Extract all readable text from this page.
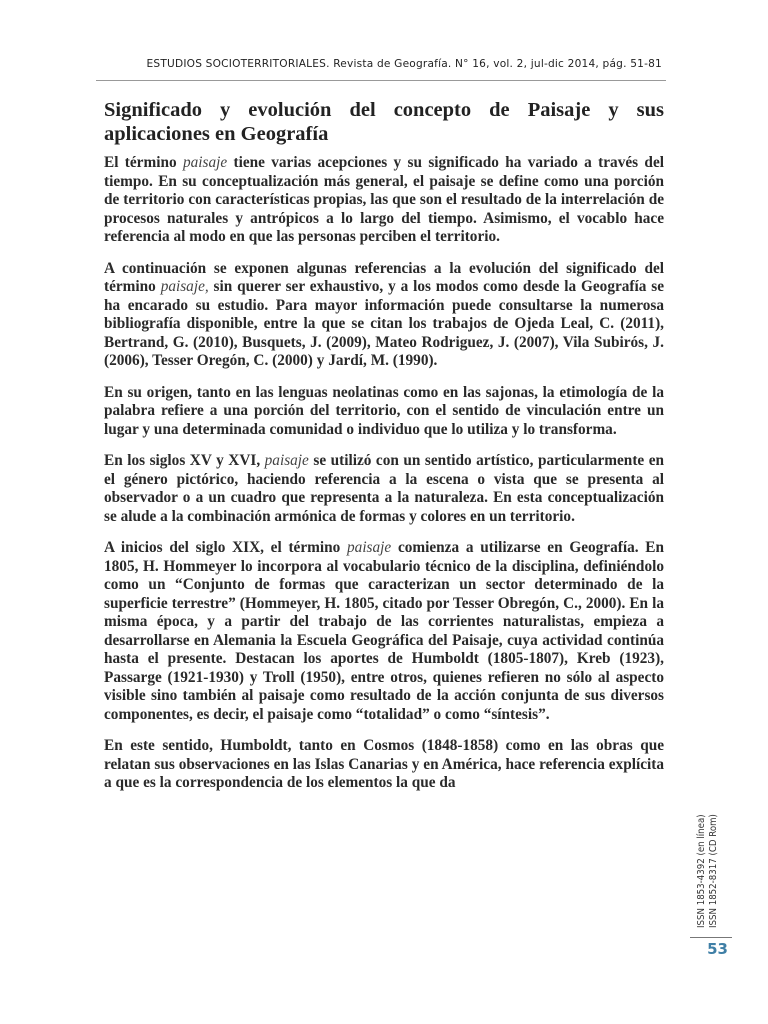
ESTUDIOS SOCIOTERRITORIALES. Revista de Geografía. N° 16, vol. 2, jul-dic 2014, pág. 51-81
Significado y evolución del concepto de Paisaje y sus aplicaciones en Geografía

El término paisaje tiene varias acepciones y su significado ha variado a través del tiempo. En su conceptualización más general, el paisaje se define como una porción de territorio con características propias, las que son el resultado de la interrelación de procesos naturales y antrópicos a lo largo del tiempo. Asimismo, el vocablo hace referencia al modo en que las personas perciben el territorio.

A continuación se exponen algunas referencias a la evolución del significado del término paisaje, sin querer ser exhaustivo, y a los modos como desde la Geografía se ha encarado su estudio. Para mayor información puede consultarse la numerosa bibliografía disponible, entre la que se citan los trabajos de Ojeda Leal, C. (2011), Bertrand, G. (2010), Busquets, J. (2009), Mateo Rodriguez, J. (2007), Vila Subirós, J. (2006), Tesser Oregón, C. (2000) y Jardí, M. (1990).

En su origen, tanto en las lenguas neolatinas como en las sajonas, la etimología de la palabra refiere a una porción del territorio, con el sentido de vinculación entre un lugar y una determinada comunidad o individuo que lo utiliza y lo transforma.

En los siglos XV y XVI, paisaje se utilizó con un sentido artístico, particularmente en el género pictórico, haciendo referencia a la escena o vista que se presenta al observador o a un cuadro que representa a la naturaleza. En esta conceptualización se alude a la combinación armónica de formas y colores en un territorio.

A inicios del siglo XIX, el término paisaje comienza a utilizarse en Geografía. En 1805, H. Hommeyer lo incorpora al vocabulario técnico de la disciplina, definiéndolo como un “Conjunto de formas que caracterizan un sector determinado de la superficie terrestre” (Hommeyer, H. 1805, citado por Tesser Obregón, C., 2000). En la misma época, y a partir del trabajo de las corrientes naturalistas, empieza a desarrollarse en Alemania la Escuela Geográfica del Paisaje, cuya actividad continúa hasta el presente. Destacan los aportes de Humboldt (1805-1807), Kreb (1923), Passarge (1921-1930) y Troll (1950), entre otros, quienes refieren no sólo al aspecto visible sino también al paisaje como resultado de la acción conjunta de sus diversos componentes, es decir, el paisaje como “totalidad” o como “síntesis”.

En este sentido, Humboldt, tanto en Cosmos (1848-1858) como en las obras que relatan sus observaciones en las Islas Canarias y en América, hace referencia explícita a que es la correspondencia de los elementos la que da

ISSN 1853-4392 (en línea) ISSN 1852-8317 (CD Rom)
53
